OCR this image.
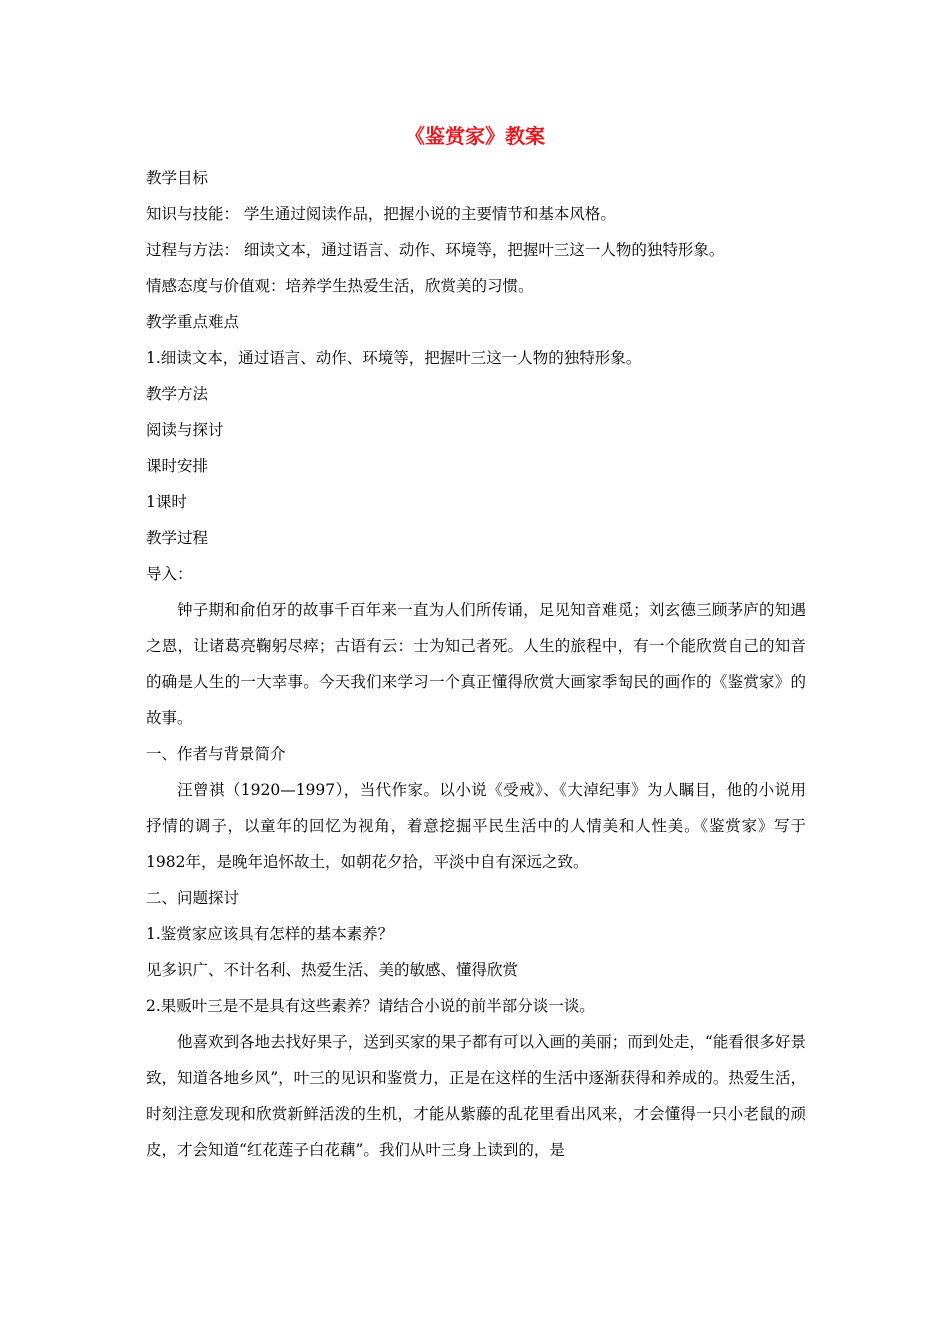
《鉴赏家》教案
教学目标
知识与技能： 学生通过阅读作品，把握小说的主要情节和基本风格。
过程与方法： 细读文本，通过语言、动作、环境等，把握叶三这一人物的独特形象。
情感态度与价值观：培养学生热爱生活，欣赏美的习惯。
教学重点难点
1.细读文本，通过语言、动作、环境等，把握叶三这一人物的独特形象。
教学方法
阅读与探讨
课时安排
1课时
教学过程
导入：
钟子期和俞伯牙的故事千百年来一直为人们所传诵，足见知音难觅；刘玄德三顾茅庐的知遇之恩，让诸葛亮鞠躬尽瘁；古语有云：士为知己者死。人生的旅程中，有一个能欣赏自己的知音的确是人生的一大幸事。今天我们来学习一个真正懂得欣赏大画家季匋民的画作的《鉴赏家》的故事。
一、作者与背景简介
汪曾祺（1920—1997），当代作家。以小说《受戒》、《大淖纪事》为人瞩目，他的小说用抒情的调子，以童年的回忆为视角，着意挖掘平民生活中的人情美和人性美。《鉴赏家》写于1982年，是晚年追怀故土，如朝花夕拾，平淡中自有深远之致。
二、问题探讨
1.鉴赏家应该具有怎样的基本素养？
见多识广、不计名利、热爱生活、美的敏感、懂得欣赏
2.果贩叶三是不是具有这些素养？请结合小说的前半部分谈一谈。
他喜欢到各地去找好果子，送到买家的果子都有可以入画的美丽；而到处走，“能看很多好景致，知道各地乡风”，叶三的见识和鉴赏力，正是在这样的生活中逐渐获得和养成的。热爱生活，时刻注意发现和欣赏新鲜活泼的生机，才能从紫藤的乱花里看出风来，才会懂得一只小老鼠的顽皮，才会知道“红花莲子白花藕”。我们从叶三身上读到的，是
